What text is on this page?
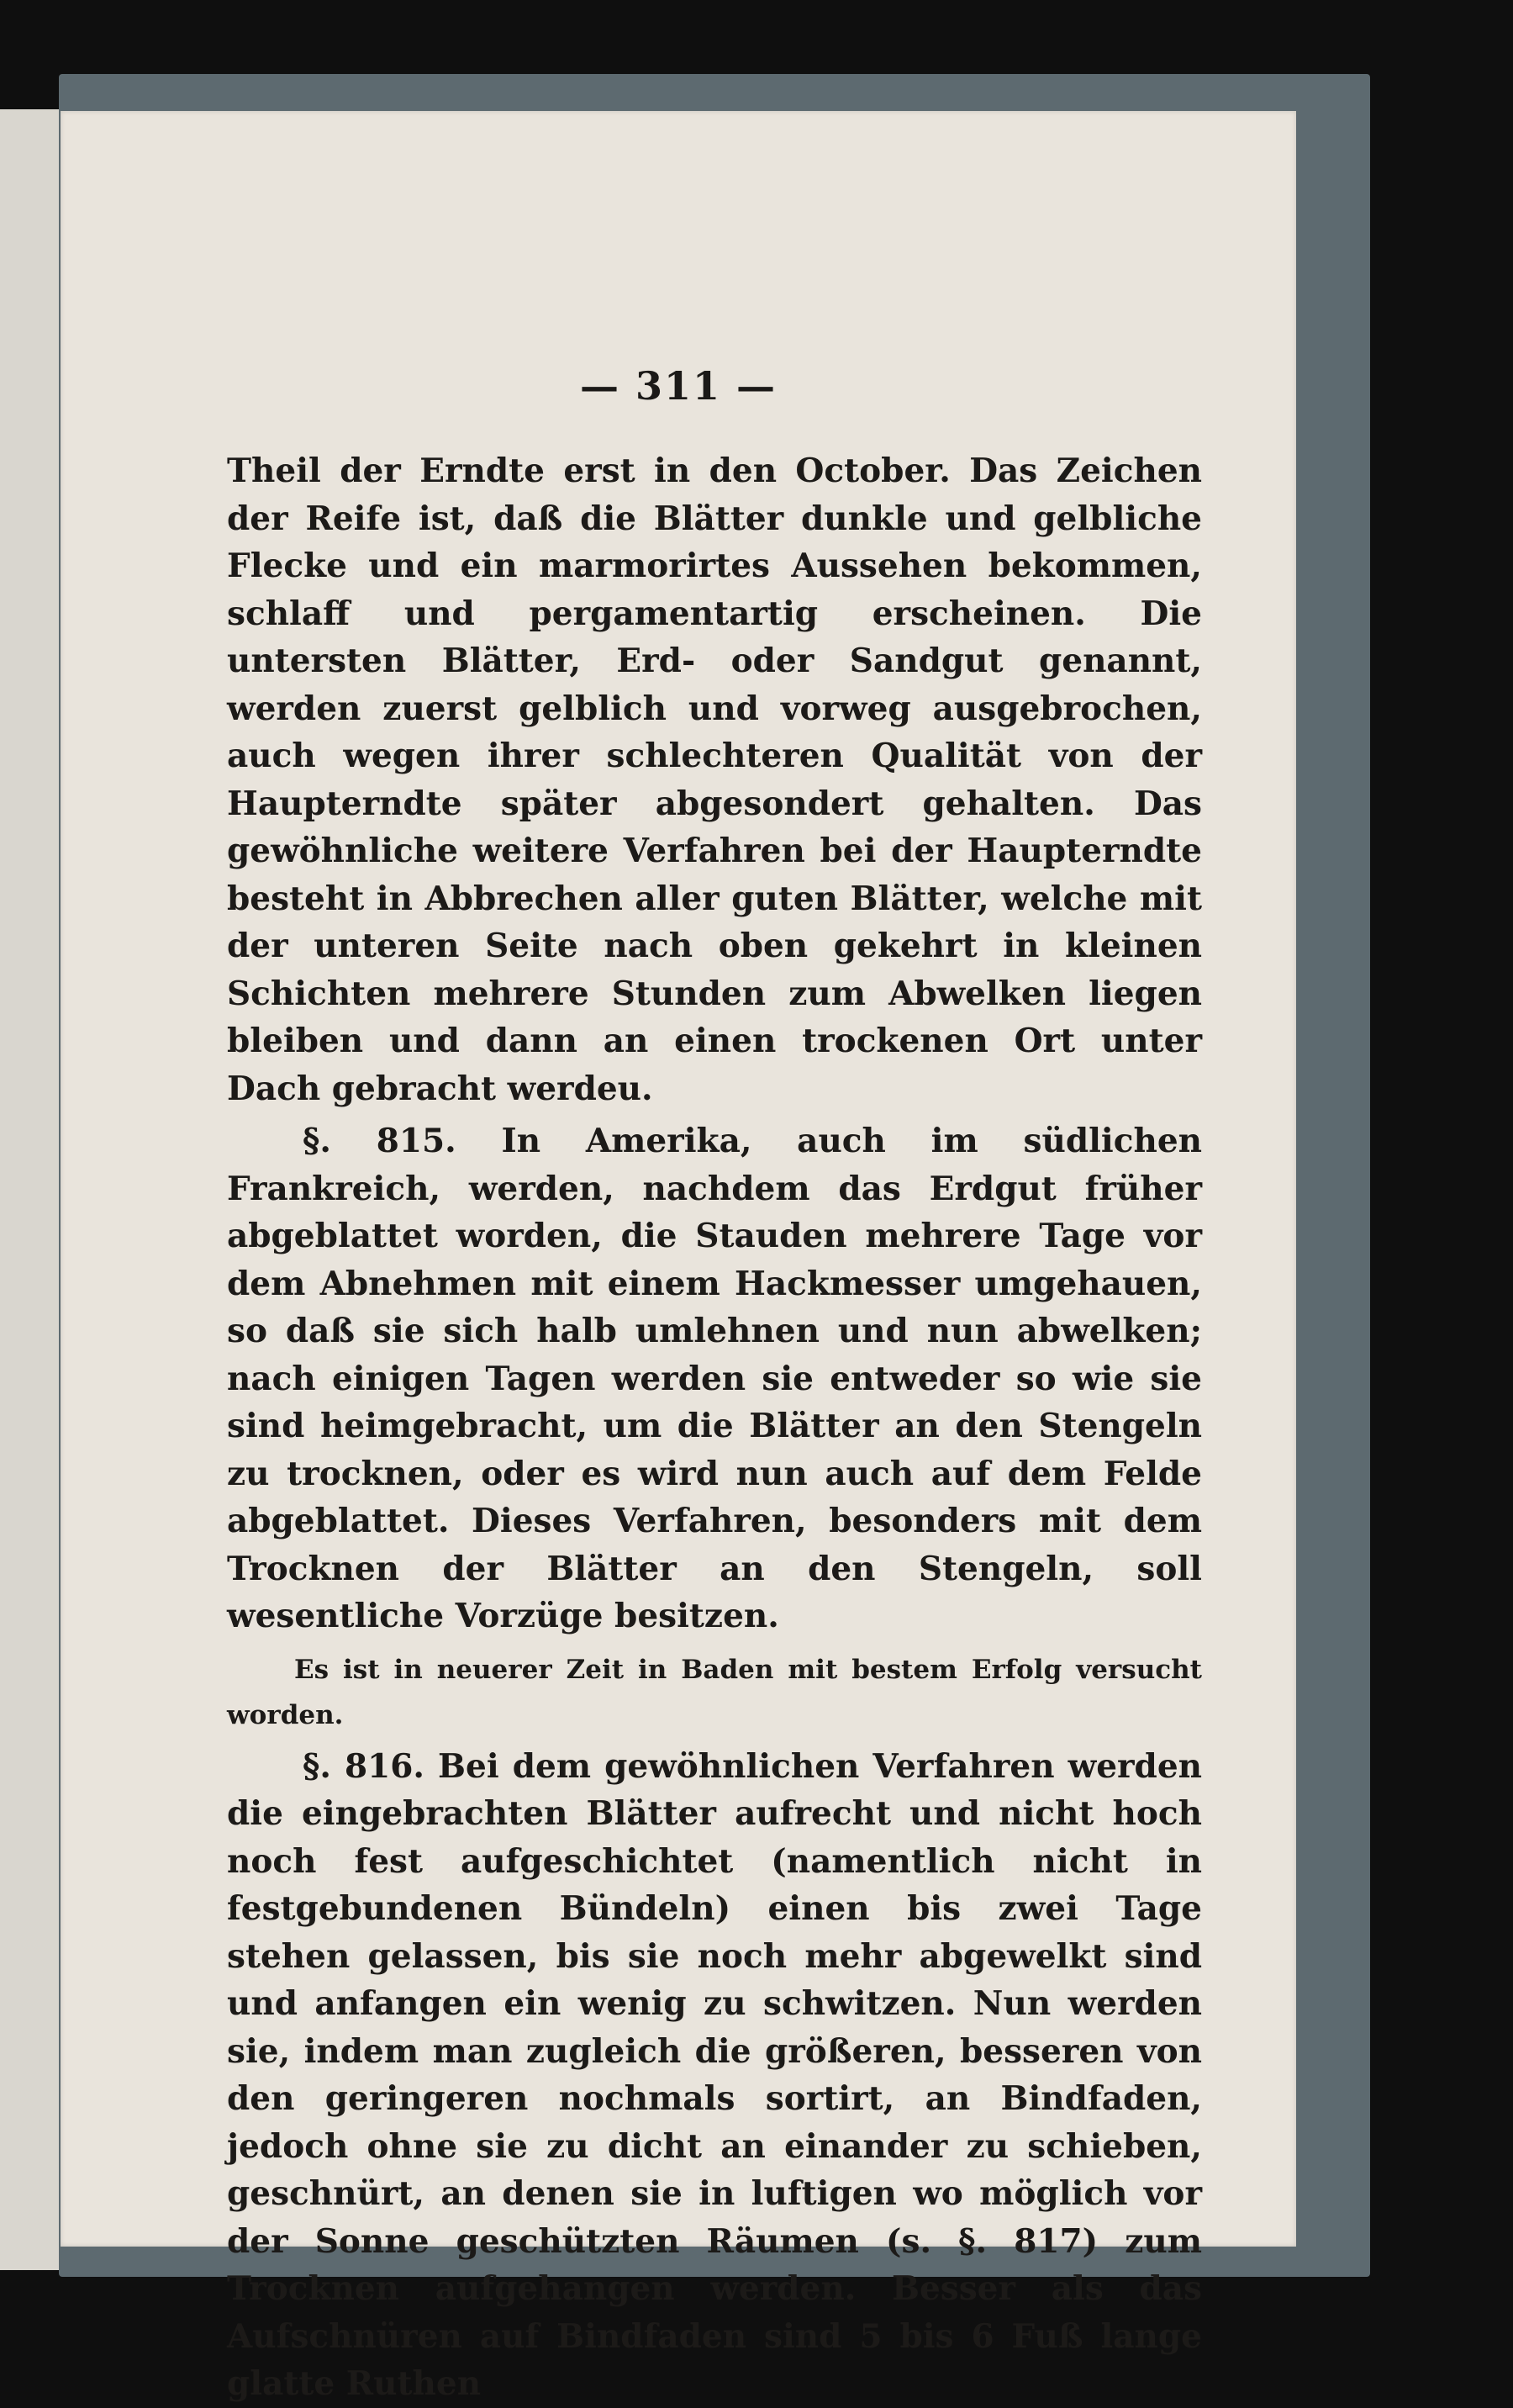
— 311 —

Theil der Erndte erst in den October. Das Zeichen der Reife ist, daß die Blätter dunkle und gelbliche Flecke und ein marmorirtes Aussehen bekommen, schlaff und pergamentartig erscheinen. Die untersten Blätter, Erd- oder Sandgut genannt, werden zuerst gelblich und vorweg ausgebrochen, auch wegen ihrer schlechteren Qualität von der Haupterndte später abgesondert gehalten. Das gewöhnliche weitere Verfahren bei der Haupterndte besteht in Abbrechen aller guten Blätter, welche mit der unteren Seite nach oben gekehrt in kleinen Schichten mehrere Stunden zum Abwelken liegen bleiben und dann an einen trockenen Ort unter Dach gebracht werdeu.

§. 815. In Amerika, auch im südlichen Frankreich, werden, nachdem das Erdgut früher abgeblattet worden, die Stauden mehrere Tage vor dem Abnehmen mit einem Hackmesser umgehauen, so daß sie sich halb umlehnen und nun abwelken; nach einigen Tagen werden sie entweder so wie sie sind heimgebracht, um die Blätter an den Stengeln zu trocknen, oder es wird nun auch auf dem Felde abgeblattet. Dieses Verfahren, besonders mit dem Trocknen der Blätter an den Stengeln, soll wesentliche Vorzüge besitzen.

Es ist in neuerer Zeit in Baden mit bestem Erfolg versucht worden.

§. 816. Bei dem gewöhnlichen Verfahren werden die eingebrachten Blätter aufrecht und nicht hoch noch fest aufgeschichtet (namentlich nicht in festgebundenen Bündeln) einen bis zwei Tage stehen gelassen, bis sie noch mehr abgewelkt sind und anfangen ein wenig zu schwitzen. Nun werden sie, indem man zugleich die größeren, besseren von den geringeren nochmals sortirt, an Bindfaden, jedoch ohne sie zu dicht an einander zu schieben, geschnürt, an denen sie in luftigen wo möglich vor der Sonne geschützten Räumen (s. §. 817) zum Trocknen aufgehangen werden. Besser als das Aufschnüren auf Bindfaden sind 5 bis 6 Fuß lange glatte Ruthen
